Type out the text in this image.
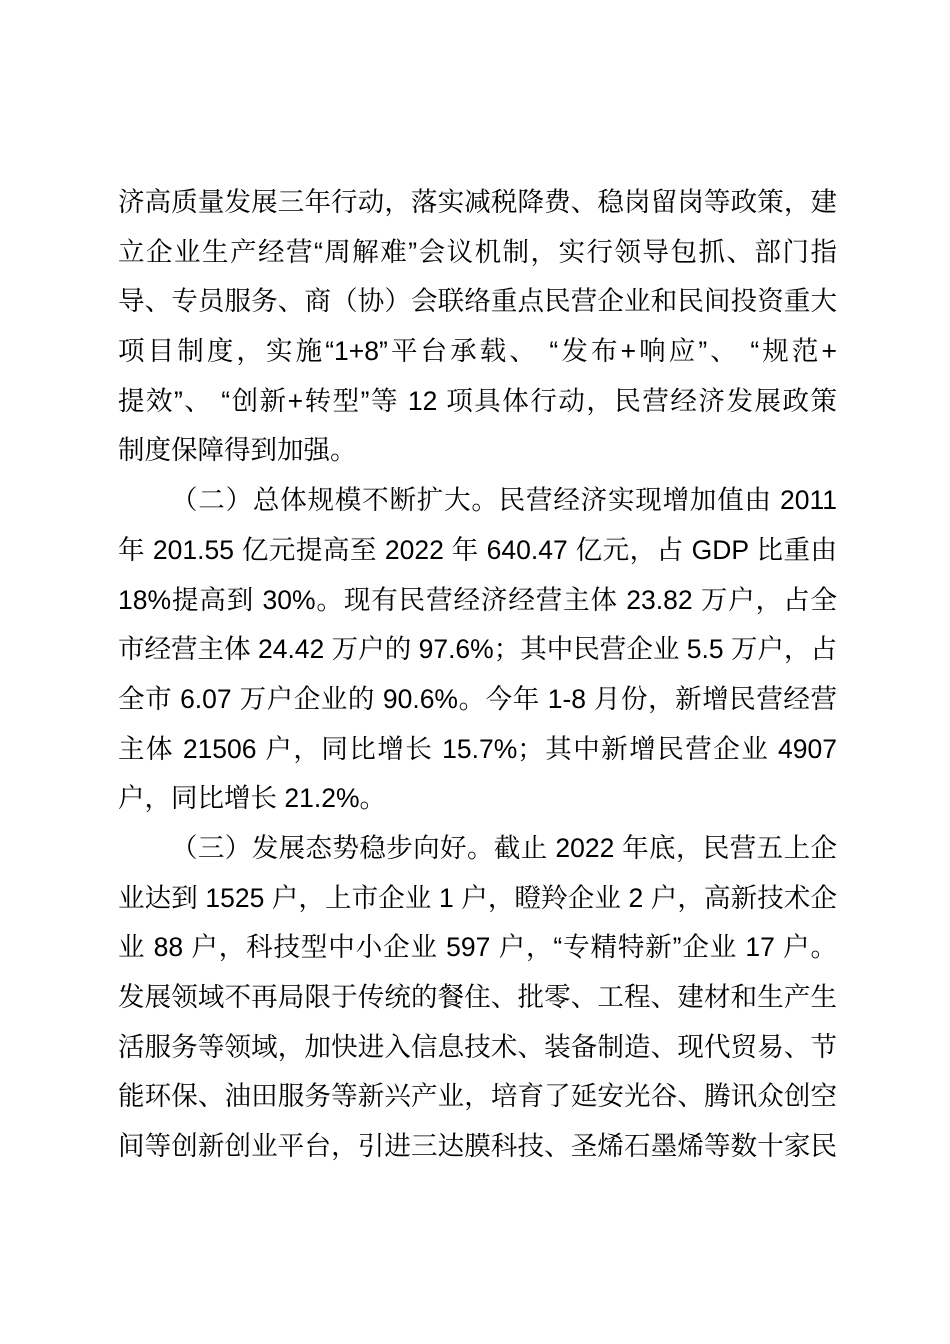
济高质量发展三年行动，落实减税降费、稳岗留岗等政策，建
立企业生产经营“周解难”会议机制，实行领导包抓、部门指
导、专员服务、商（协）会联络重点民营企业和民间投资重大
项目制度，实施“1+8”平台承载、 “发布+响应”、 “规范+
提效”、 “创新+转型”等 12 项具体行动，民营经济发展政策
制度保障得到加强。
（二）总体规模不断扩大。民营经济实现增加值由 2011
年 201.55 亿元提高至 2022 年 640.47 亿元，占 GDP 比重由
18%提高到 30%。现有民营经济经营主体 23.82 万户，占全
市经营主体 24.42 万户的 97.6%；其中民营企业 5.5 万户，占
全市 6.07 万户企业的 90.6%。今年 1-8 月份，新增民营经营
主体 21506 户，同比增长 15.7%；其中新增民营企业 4907
户，同比增长 21.2%。
（三）发展态势稳步向好。截止 2022 年底，民营五上企
业达到 1525 户，上市企业 1 户，瞪羚企业 2 户，高新技术企
业 88 户，科技型中小企业 597 户，“专精特新”企业 17 户。
发展领域不再局限于传统的餐住、批零、工程、建材和生产生
活服务等领域，加快进入信息技术、装备制造、现代贸易、节
能环保、油田服务等新兴产业，培育了延安光谷、腾讯众创空
间等创新创业平台，引进三达膜科技、圣烯石墨烯等数十家民
